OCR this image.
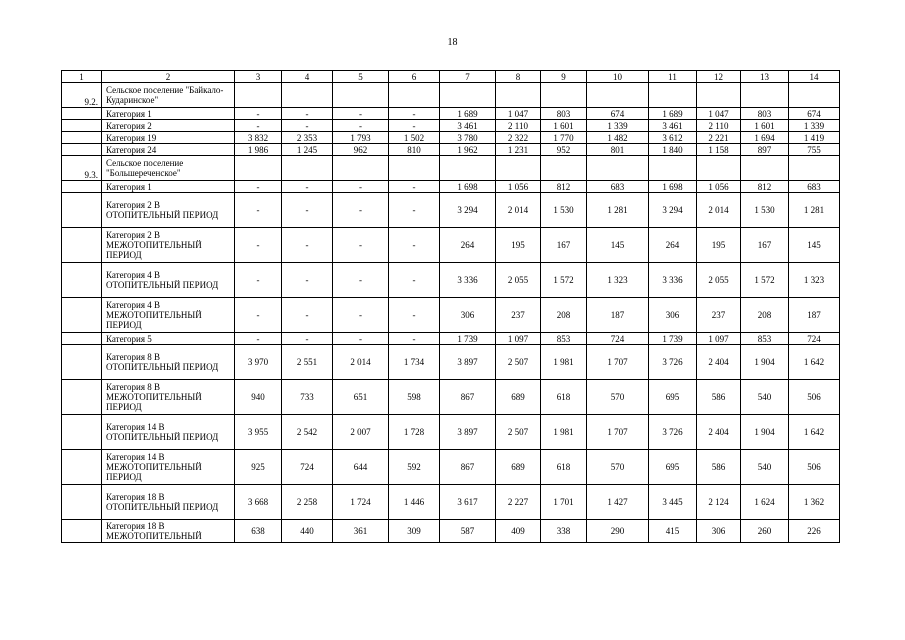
18
1	2	3	4	5	6	7	8	9	10	11	12	13	14
9.2.	Сельское поселение "Байкало-Кударинское"												
	Категория 1	-	-	-	-	1 689	1 047	803	674	1 689	1 047	803	674
	Категория 2	-	-	-	-	3 461	2 110	1 601	1 339	3 461	2 110	1 601	1 339
	Категория 19	3 832	2 353	1 793	1 502	3 780	2 322	1 770	1 482	3 612	2 221	1 694	1 419
	Категория 24	1 986	1 245	962	810	1 962	1 231	952	801	1 840	1 158	897	755
9.3.	Сельское поселение "Большереченское"												
	Категория 1	-	-	-	-	1 698	1 056	812	683	1 698	1 056	812	683
	Категория 2 В ОТОПИТЕЛЬНЫЙ ПЕРИОД	-	-	-	-	3 294	2 014	1 530	1 281	3 294	2 014	1 530	1 281
	Категория 2 В МЕЖОТОПИТЕЛЬНЫЙ ПЕРИОД	-	-	-	-	264	195	167	145	264	195	167	145
	Категория 4 В ОТОПИТЕЛЬНЫЙ ПЕРИОД	-	-	-	-	3 336	2 055	1 572	1 323	3 336	2 055	1 572	1 323
	Категория 4 В МЕЖОТОПИТЕЛЬНЫЙ ПЕРИОД	-	-	-	-	306	237	208	187	306	237	208	187
	Категория 5	-	-	-	-	1 739	1 097	853	724	1 739	1 097	853	724
	Категория 8 В ОТОПИТЕЛЬНЫЙ ПЕРИОД	3 970	2 551	2 014	1 734	3 897	2 507	1 981	1 707	3 726	2 404	1 904	1 642
	Категория 8 В МЕЖОТОПИТЕЛЬНЫЙ ПЕРИОД	940	733	651	598	867	689	618	570	695	586	540	506
	Категория 14 В ОТОПИТЕЛЬНЫЙ ПЕРИОД	3 955	2 542	2 007	1 728	3 897	2 507	1 981	1 707	3 726	2 404	1 904	1 642
	Категория 14 В МЕЖОТОПИТЕЛЬНЫЙ ПЕРИОД	925	724	644	592	867	689	618	570	695	586	540	506
	Категория 18 В ОТОПИТЕЛЬНЫЙ ПЕРИОД	3 668	2 258	1 724	1 446	3 617	2 227	1 701	1 427	3 445	2 124	1 624	1 362
	Категория 18 В МЕЖОТОПИТЕЛЬНЫЙ	638	440	361	309	587	409	338	290	415	306	260	226
